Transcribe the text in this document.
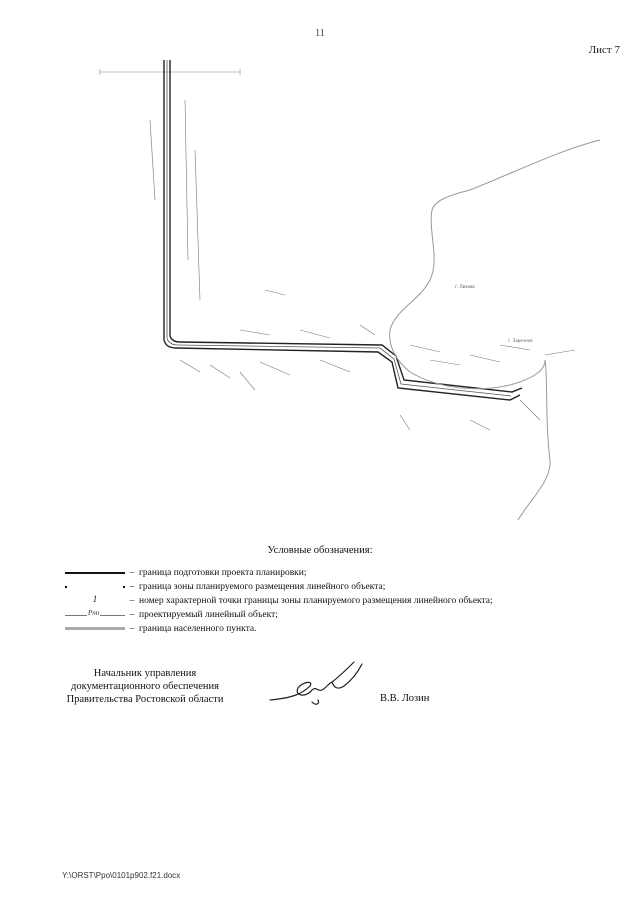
11
Лист 7
г. Лихово
г. Заречное
Условные обозначения:
– граница подготовки проекта планировки;
– граница зоны планируемого размещения линейного объекта;
1	– номер характерной точки границы зоны планируемого размещения линейного объекта;
Рпп	– проектируемый линейный объект;
– граница населенного пункта.
Начальник управления
документационного обеспечения
Правительства Ростовской области	В.В. Лозин
Y:\ORST\Ppo\0101p902.f21.docx
